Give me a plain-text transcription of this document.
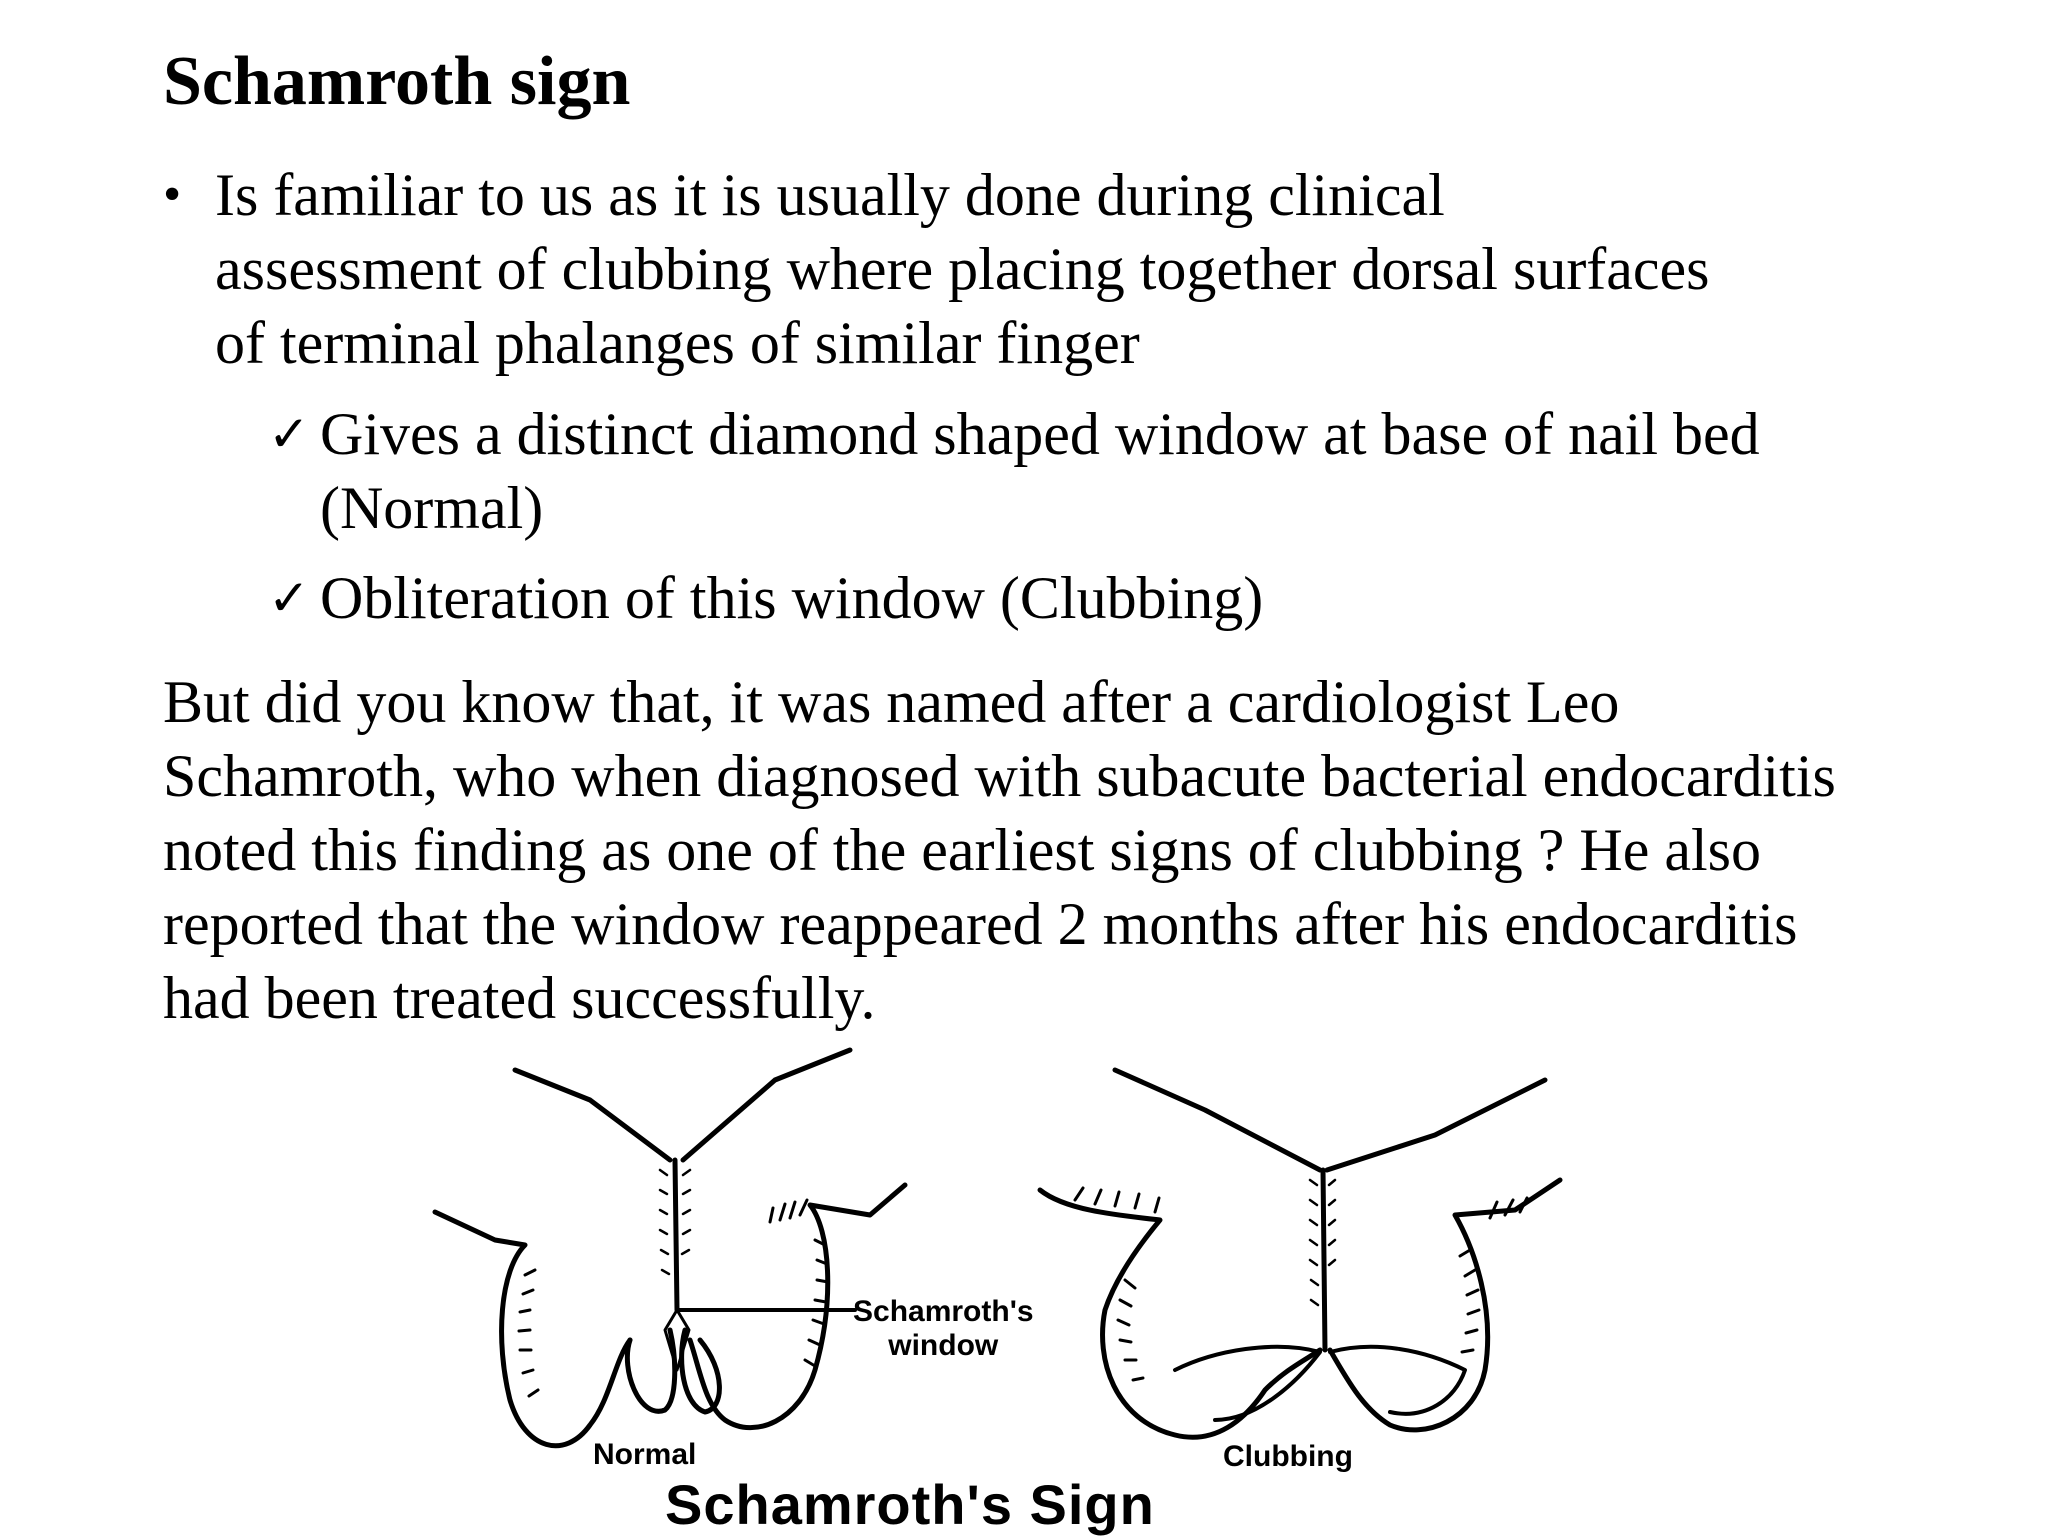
Schamroth sign
• Is familiar to us as it is usually done during clinical assessment of clubbing where placing together dorsal surfaces of terminal phalanges of similar finger
✓ Gives a distinct diamond shaped window at base of nail bed (Normal)
✓ Obliteration of this window (Clubbing)
But did you know that, it was named after a cardiologist Leo Schamroth, who when diagnosed with subacute bacterial endocarditis noted this finding as one of the earliest signs of clubbing ? He also reported that the window reappeared 2 months after his endocarditis had been treated successfully.
Schamroth's
window
Normal	Clubbing
Schamroth's Sign
